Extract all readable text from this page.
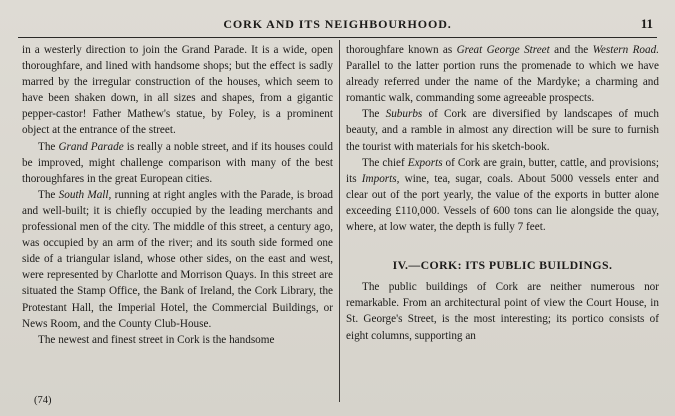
CORK AND ITS NEIGHBOURHOOD.	11

in a westerly direction to join the Grand Parade. It is a wide, open thoroughfare, and lined with handsome shops; but the effect is sadly marred by the irregular construction of the houses, which seem to have been shaken down, in all sizes and shapes, from a gigantic pepper-castor! Father Mathew's statue, by Foley, is a prominent object at the entrance of the street.

The Grand Parade is really a noble street, and if its houses could be improved, might challenge comparison with many of the best thoroughfares in the great European cities.

The South Mall, running at right angles with the Parade, is broad and well-built; it is chiefly occupied by the leading merchants and professional men of the city. The middle of this street, a century ago, was occupied by an arm of the river; and its south side formed one side of a triangular island, whose other sides, on the east and west, were represented by Charlotte and Morrison Quays. In this street are situated the Stamp Office, the Bank of Ireland, the Cork Library, the Protestant Hall, the Imperial Hotel, the Commercial Buildings, or News Room, and the County Club-House.

The newest and finest street in Cork is the handsome

thoroughfare known as Great George Street and the Western Road. Parallel to the latter portion runs the promenade to which we have already referred under the name of the Mardyke; a charming and romantic walk, commanding some agreeable prospects.

The Suburbs of Cork are diversified by landscapes of much beauty, and a ramble in almost any direction will be sure to furnish the tourist with materials for his sketch-book.

The chief Exports of Cork are grain, butter, cattle, and provisions; its Imports, wine, tea, sugar, coals. About 5000 vessels enter and clear out of the port yearly, the value of the exports in butter alone exceeding £110,000. Vessels of 600 tons can lie alongside the quay, where, at low water, the depth is fully 7 feet.

IV.—CORK: ITS PUBLIC BUILDINGS.

The public buildings of Cork are neither numerous nor remarkable. From an architectural point of view the Court House, in St. George's Street, is the most interesting; its portico consists of eight columns, supporting an

(74)
